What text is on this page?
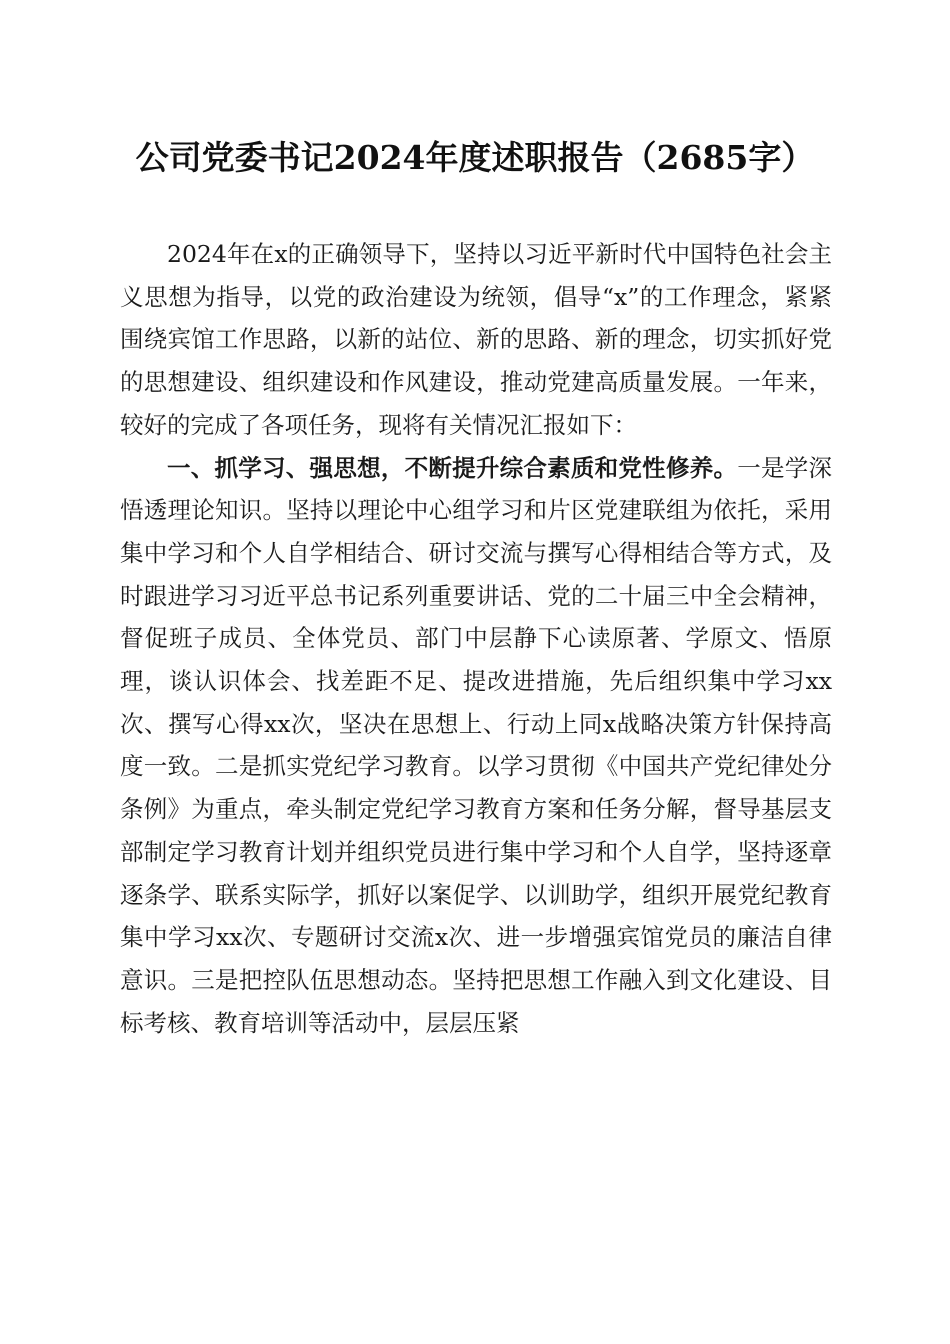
公司党委书记2024年度述职报告（2685字）

2024年在x的正确领导下，坚持以习近平新时代中国特色社会主义思想为指导，以党的政治建设为统领，倡导“x”的工作理念，紧紧围绕宾馆工作思路，以新的站位、新的思路、新的理念，切实抓好党的思想建设、组织建设和作风建设，推动党建高质量发展。一年来，较好的完成了各项任务，现将有关情况汇报如下：

一、抓学习、强思想，不断提升综合素质和党性修养。一是学深悟透理论知识。坚持以理论中心组学习和片区党建联组为依托，采用集中学习和个人自学相结合、研讨交流与撰写心得相结合等方式，及时跟进学习习近平总书记系列重要讲话、党的二十届三中全会精神，督促班子成员、全体党员、部门中层静下心读原著、学原文、悟原理，谈认识体会、找差距不足、提改进措施，先后组织集中学习xx次、撰写心得xx次，坚决在思想上、行动上同x战略决策方针保持高度一致。二是抓实党纪学习教育。以学习贯彻《中国共产党纪律处分条例》为重点，牵头制定党纪学习教育方案和任务分解，督导基层支部制定学习教育计划并组织党员进行集中学习和个人自学，坚持逐章逐条学、联系实际学，抓好以案促学、以训助学，组织开展党纪教育集中学习xx次、专题研讨交流x次、进一步增强宾馆党员的廉洁自律意识。三是把控队伍思想动态。坚持把思想工作融入到文化建设、目标考核、教育培训等活动中，层层压紧
